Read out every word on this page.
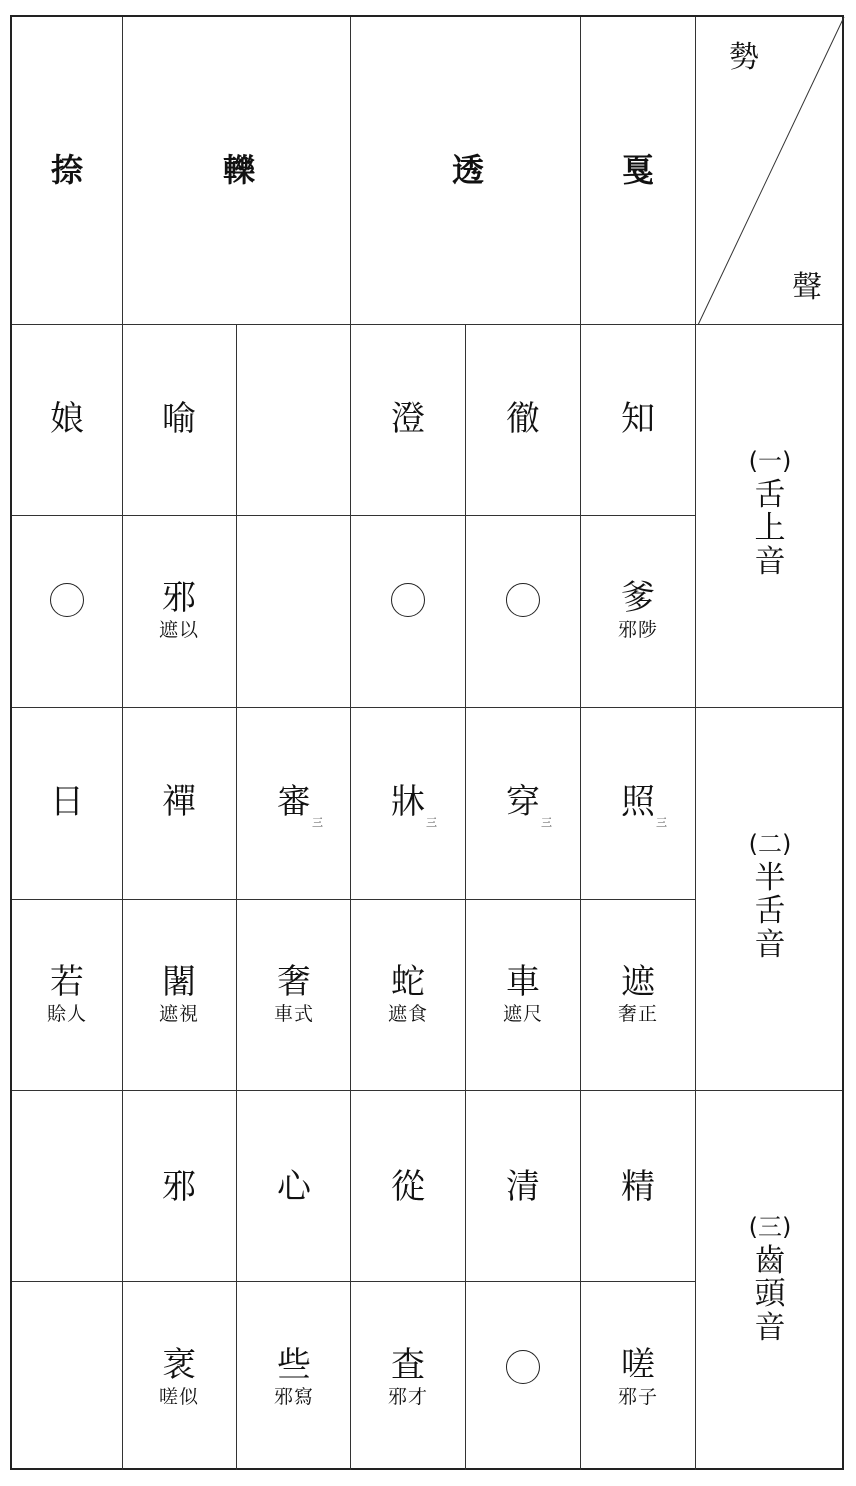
勢
聲
戛
透
轢
捺
(一)
舌上音
(二)
半舌音
(三)
齒頭音
知
徹
澄
喻
娘
爹
邪陟
邪
遮以
照
三
穿
三
牀
三
審
三
禪
日
遮
奢正
車
遮尺
蛇
遮食
奢
車式
闍
遮視
若
賒人
精
清
從
心
邪
嗟
邪子
査
邪才
些
邪寫
衺
嗟似
